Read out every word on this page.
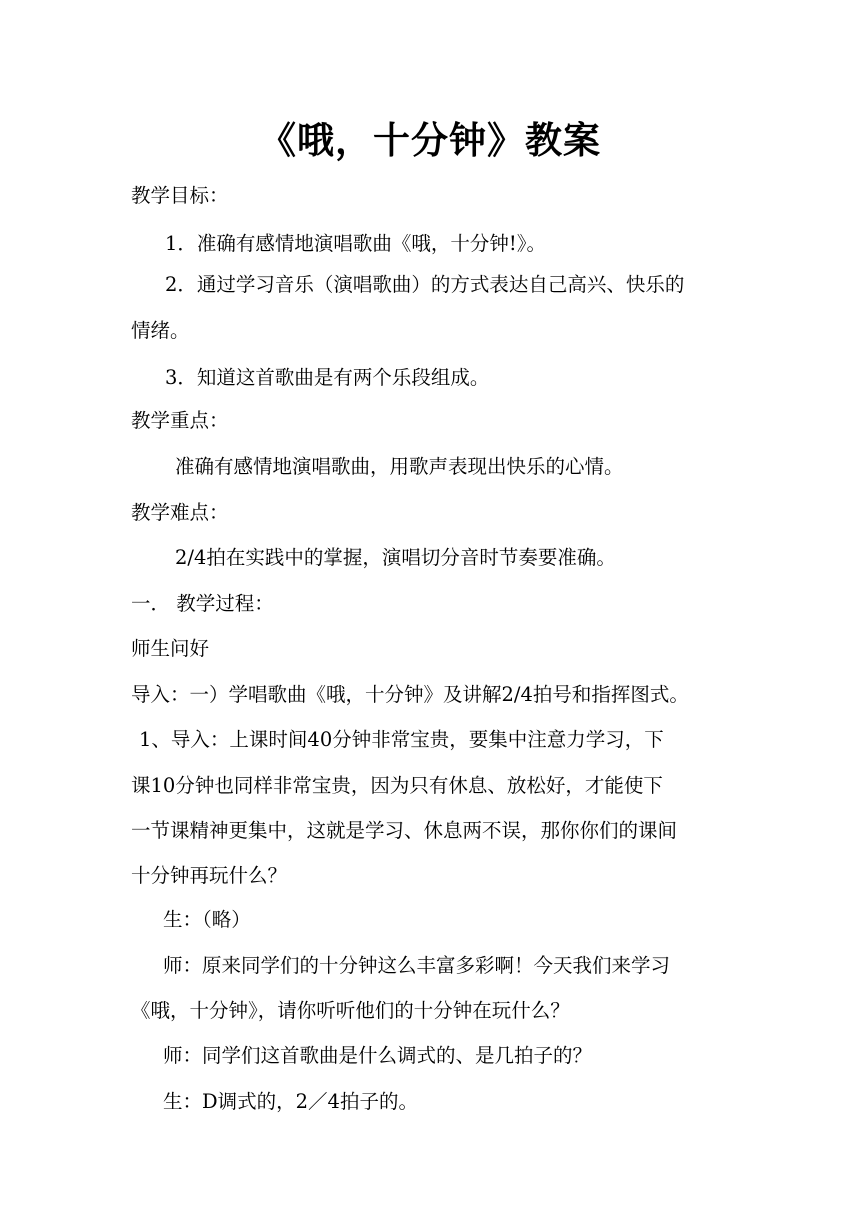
《哦，十分钟》教案
教学目标：
1．准确有感情地演唱歌曲《哦，十分钟!》。
2．通过学习音乐（演唱歌曲）的方式表达自己高兴、快乐的
情绪。
3．知道这首歌曲是有两个乐段组成。
教学重点：
准确有感情地演唱歌曲，用歌声表现出快乐的心情。
教学难点：
2/4拍在实践中的掌握，演唱切分音时节奏要准确。
一． 教学过程：
师生问好
导入：一）学唱歌曲《哦，十分钟》及讲解2/4拍号和指挥图式。
1、导入：上课时间40分钟非常宝贵，要集中注意力学习，下
课10分钟也同样非常宝贵，因为只有休息、放松好，才能使下
一节课精神更集中，这就是学习、休息两不误，那你你们的课间
十分钟再玩什么？
生：（略）
师：原来同学们的十分钟这么丰富多彩啊！今天我们来学习
《哦，十分钟》，请你听听他们的十分钟在玩什么？
师：同学们这首歌曲是什么调式的、是几拍子的？
生：D调式的，2／4拍子的。
